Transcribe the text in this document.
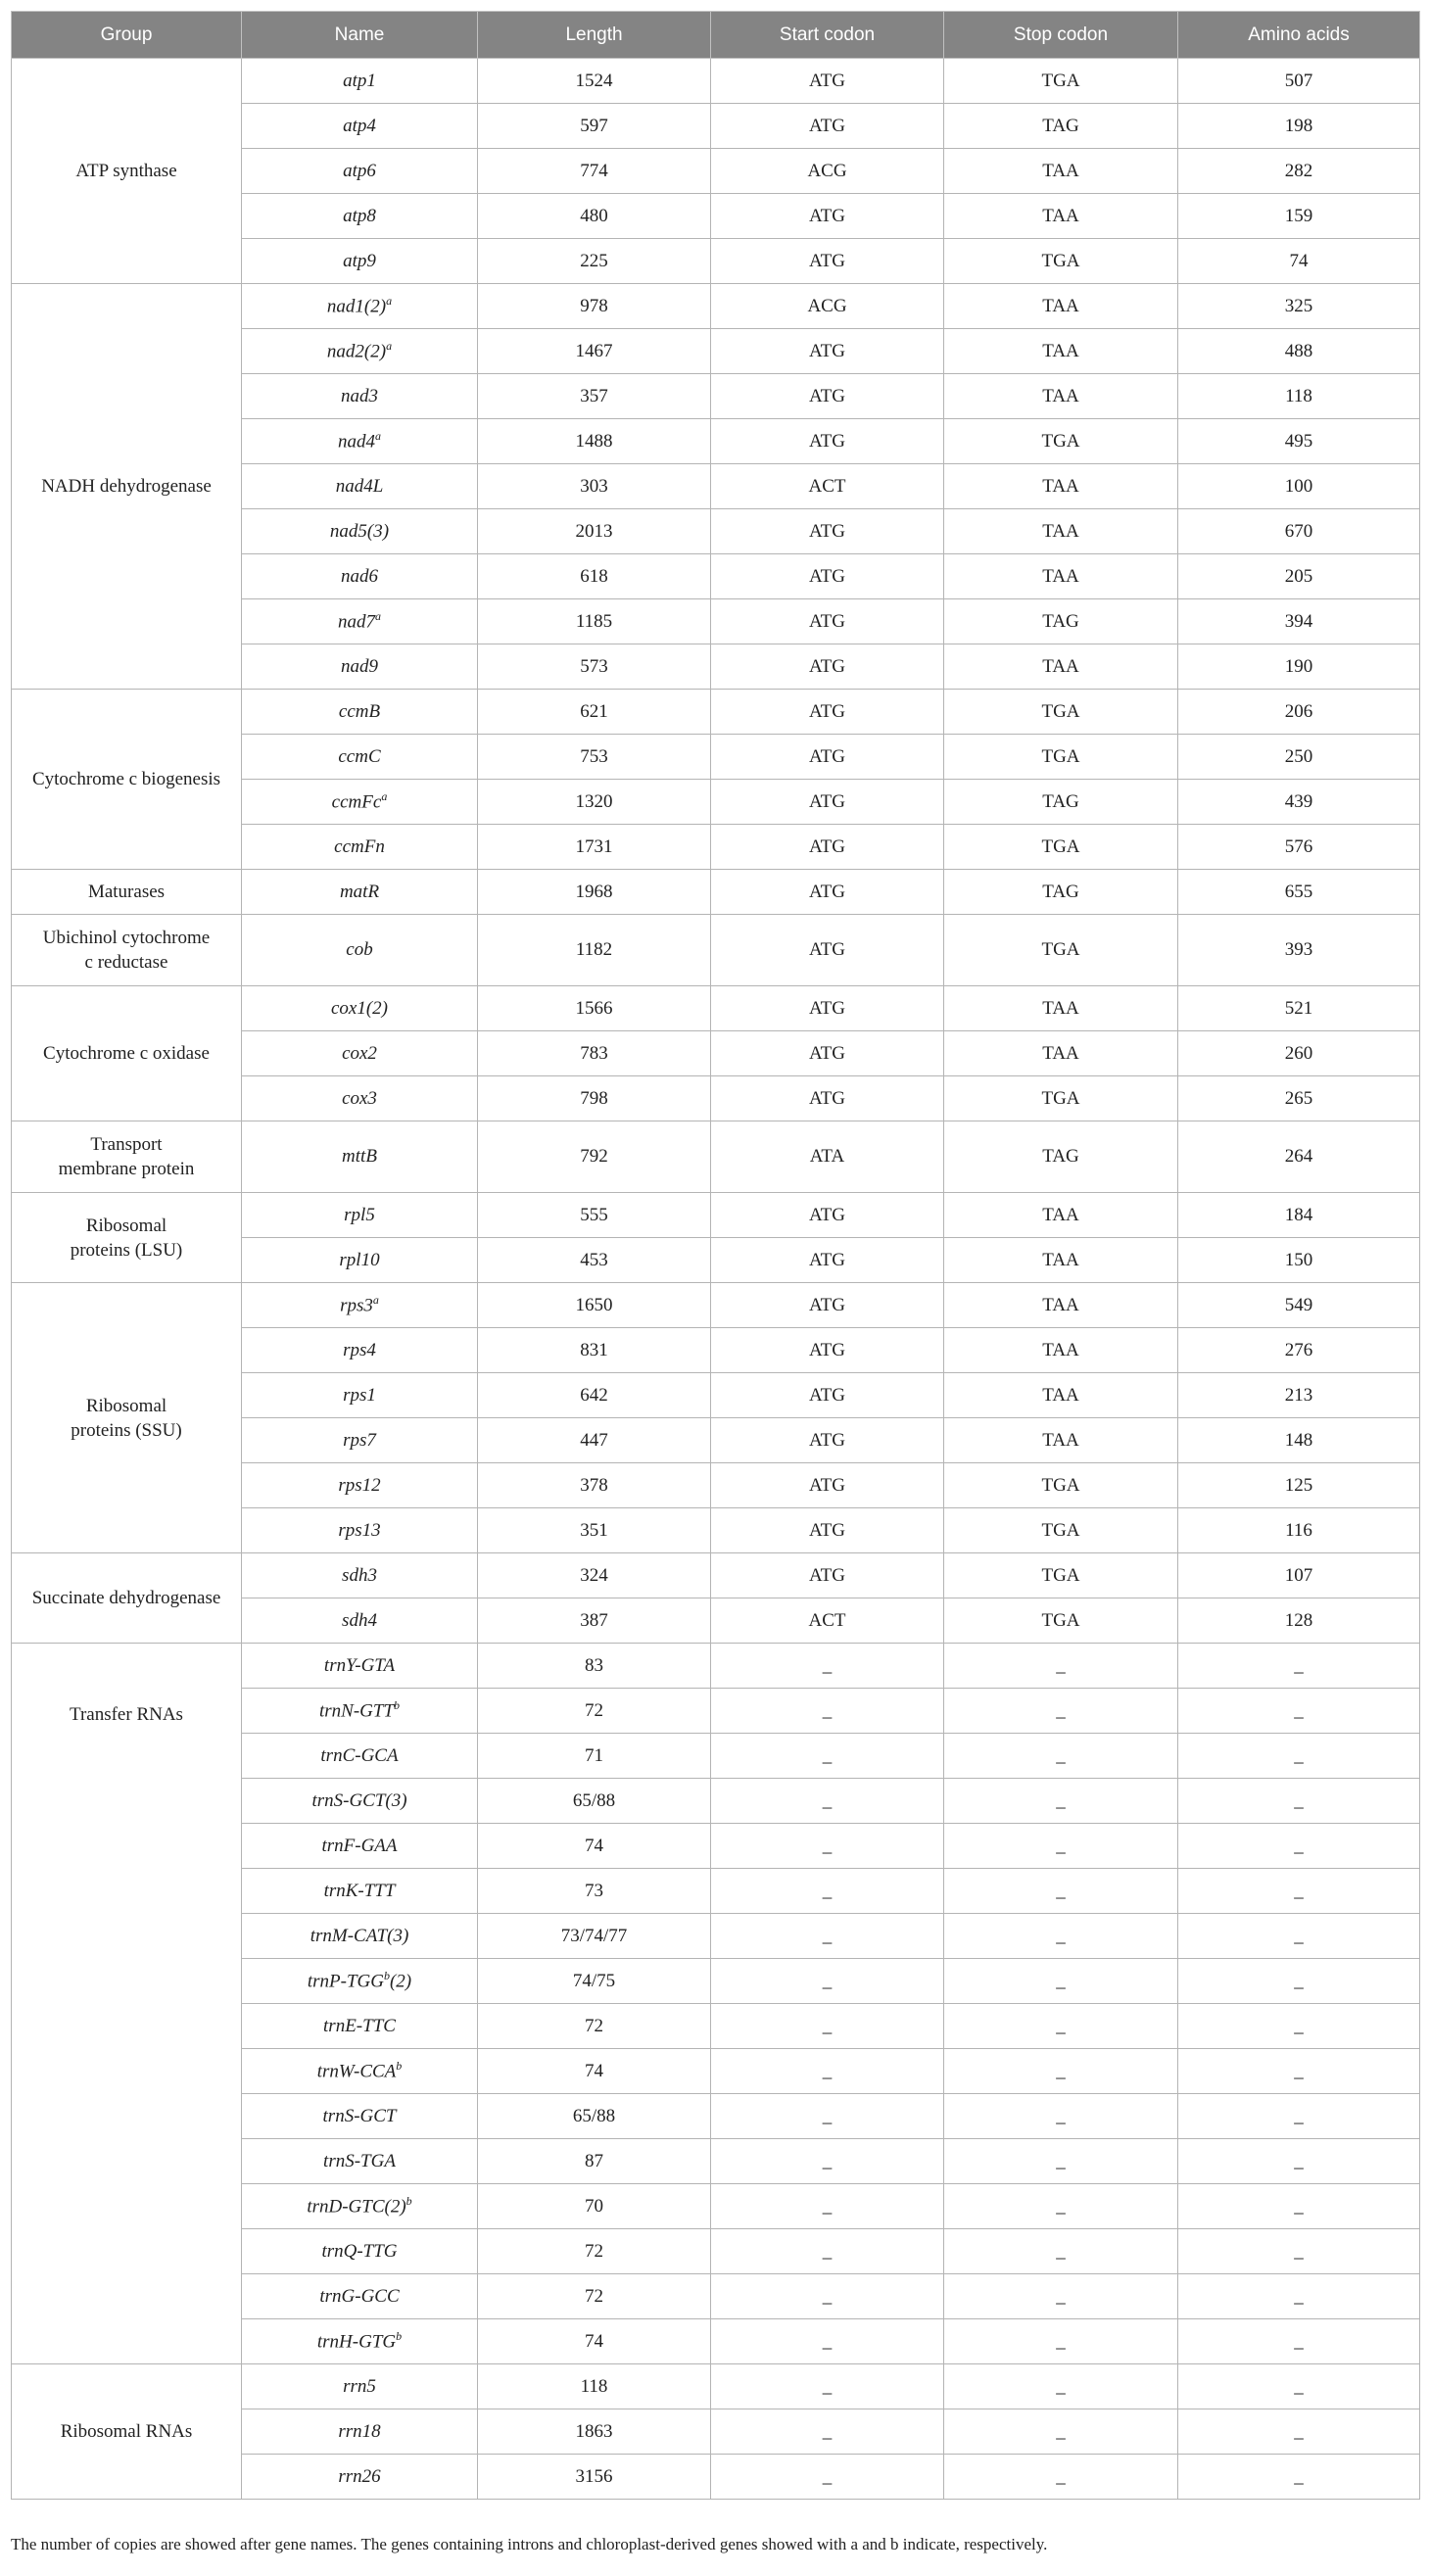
Group	Name	Length	Start codon	Stop codon	Amino acids
ATP synthase	atp1	1524	ATG	TGA	507
	atp4	597	ATG	TAG	198
	atp6	774	ACG	TAA	282
	atp8	480	ATG	TAA	159
	atp9	225	ATG	TGA	74
NADH dehydrogenase	$nad1(2)^a$	978	ACG	TAA	325
	$nad2(2)^a$	1467	ATG	TAA	488
	nad3	357	ATG	TAA	118
	nad4$^a$	1488	ATG	TGA	495
	nad4L	303	ACT	TAA	100
	nad5(3)	2013	ATG	TAA	670
	nad6	618	ATG	TAA	205
	nad7$^a$	1185	ATG	TAG	394
	nad9	573	ATG	TAA	190
Cytochrome c biogenesis	ccmB	621	ATG	TGA	206
	ccmC	753	ATG	TGA	250
	ccmFc$^a$	1320	ATG	TAG	439
	ccmFn	1731	ATG	TGA	576
Maturases	matR	1968	ATG	TAG	655
Ubichinol cytochrome
c reductase	cob	1182	ATG	TGA	393
Cytochrome c oxidase	cox1(2)	1566	ATG	TAA	521
	cox2	783	ATG	TAA	260
	cox3	798	ATG	TGA	265
Transport
membrane protein	mttB	792	ATA	TAG	264
Ribosomal
proteins (LSU)	rpl5	555	ATG	TAA	184
	rpl10	453	ATG	TAA	150
Ribosomal
proteins (SSU)	rps3$^a$	1650	ATG	TAA	549
	rps4	831	ATG	TAA	276
	rps1	642	ATG	TAA	213
	rps7	447	ATG	TAA	148
	rps12	378	ATG	TGA	125
	rps13	351	ATG	TGA	116
Succinate dehydrogenase	sdh3	324	ATG	TGA	107
	sdh4	387	ACT	TGA	128
Transfer RNAs	trnY-GTA	83	_	_	_
	trnN-GTT$^b$	72	_	_	_
	trnC-GCA	71	_	_	_
	trnS-GCT(3)	65/88	_	_	_
	trnF-GAA	74	_	_	_
	trnK-TTT	73	_	_	_
	trnM-CAT(3)	73/74/77	_	_	_
	trnP-TGG$^b$(2)	74/75	_	_	_
	trnE-TTC	72	_	_	_
	trnW-CCA$^b$	74	_	_	_
	trnS-GCT	65/88	_	_	_
	trnS-TGA	87	_	_	_
	trnD-$GTC(2)^b$	70	_	_	_
	trnQ-TTG	72	_	_	_
	trnG-GCC	72	_	_	_
	trnH-GTG$^b$	74	_	_	_
Ribosomal RNAs	rrn5	118	_	_	_
	rrn18	1863	_	_	_
	rrn26	3156	_	_	_
The number of copies are showed after gene names. The genes containing introns and chloroplast-derived genes showed with a and b indicate, respectively.
